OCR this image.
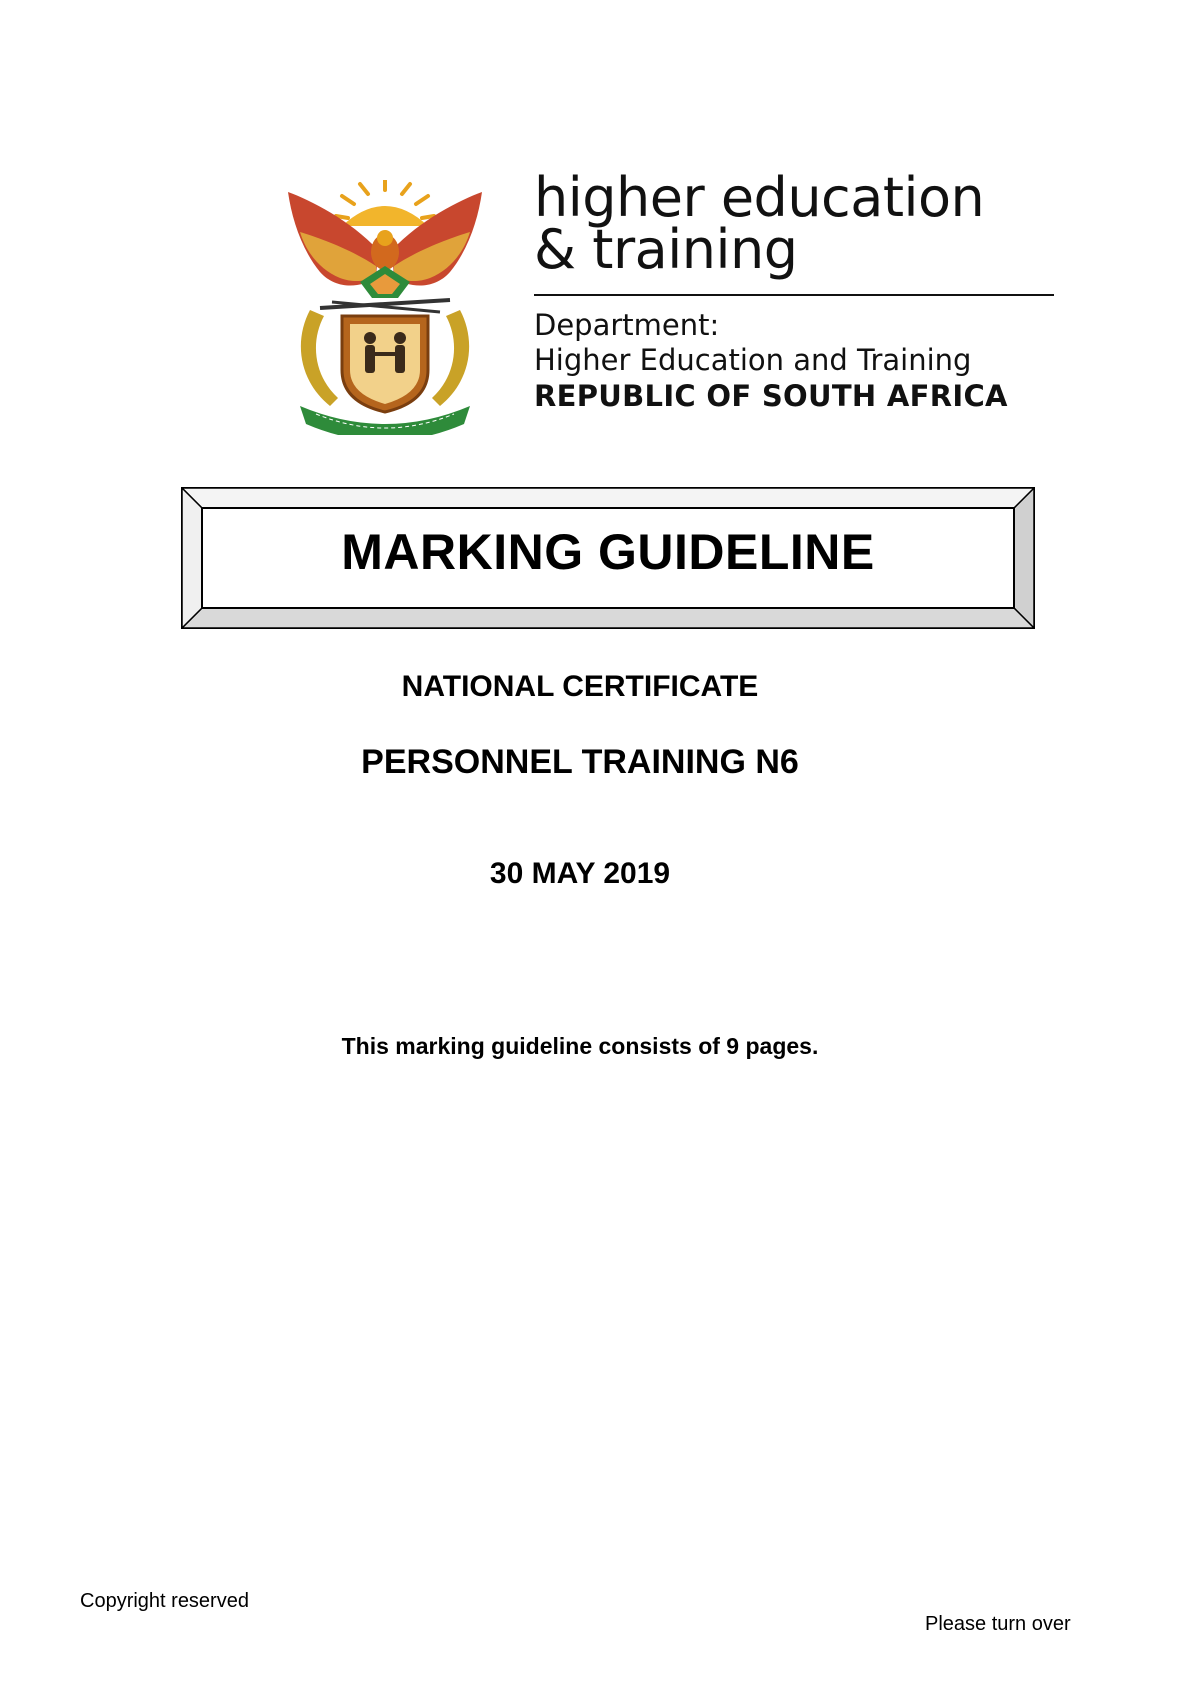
higher education
& training
Department:
Higher Education and Training
REPUBLIC OF SOUTH AFRICA
MARKING GUIDELINE
NATIONAL CERTIFICATE
PERSONNEL TRAINING N6
30 MAY 2019
This marking guideline consists of 9 pages.
Copyright reserved
Please turn over
